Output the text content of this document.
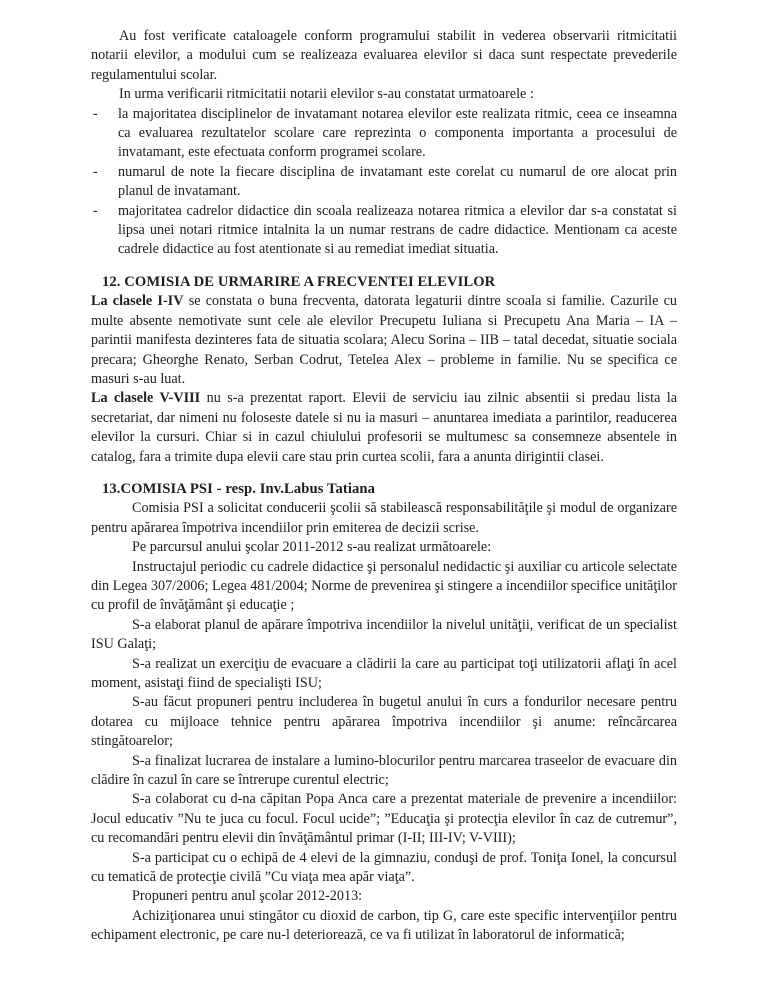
Au fost verificate cataloagele conform programului stabilit in vederea observarii ritmicitatii notarii elevilor, a modului cum se realizeaza evaluarea elevilor si daca sunt respectate prevederile regulamentului scolar.

In urma verificarii ritmicitatii notarii elevilor s-au constatat urmatoarele :

- la majoritatea disciplinelor de invatamant notarea elevilor este realizata ritmic, ceea ce inseamna ca evaluarea rezultatelor scolare care reprezinta o componenta importanta a procesului de invatamant, este efectuata conform programei scolare.

- numarul de note la fiecare disciplina de invatamant este corelat cu numarul de ore alocat prin planul de invatamant.

- majoritatea cadrelor didactice din scoala realizeaza notarea ritmica a elevilor dar s-a constatat si lipsa unei notari ritmice intalnita la un numar restrans de cadre didactice. Mentionam ca aceste cadrele didactice au fost atentionate si au remediat imediat situatia.

12. COMISIA DE URMARIRE A FRECVENTEI ELEVILOR

La clasele I-IV se constata o buna frecventa, datorata legaturii dintre scoala si familie. Cazurile cu multe absente nemotivate sunt cele ale elevilor Precupetu Iuliana si Precupetu Ana Maria – IA – parintii manifesta dezinteres fata de situatia scolara; Alecu Sorina – IIB – tatal decedat, situatie sociala precara; Gheorghe Renato, Serban Codrut, Tetelea Alex – probleme in familie. Nu se specifica ce masuri s-au luat.

La clasele V-VIII nu s-a prezentat raport. Elevii de serviciu iau zilnic absentii si predau lista la secretariat, dar nimeni nu foloseste datele si nu ia masuri – anuntarea imediata a parintilor, readucerea elevilor la cursuri. Chiar si in cazul chiulului profesorii se multumesc sa consemneze absentele in catalog, fara a trimite dupa elevii care stau prin curtea scolii, fara a anunta dirigintii clasei.

13.COMISIA PSI - resp. Inv.Labus Tatiana

Comisia PSI a solicitat conducerii şcolii să stabilească responsabilităţile şi modul de organizare pentru apărarea împotriva incendiilor prin emiterea de decizii scrise.

Pe parcursul anului şcolar 2011-2012 s-au realizat următoarele:

Instructajul periodic cu cadrele didactice şi personalul nedidactic şi auxiliar cu articole selectate din Legea 307/2006; Legea 481/2004; Norme de prevenirea şi stingere a incendiilor specifice unităţilor cu profil de învăţământ şi educaţie ;

S-a elaborat planul de apărare împotriva incendiilor la nivelul unităţii, verificat de un specialist ISU Galaţi;

S-a realizat un exerciţiu de evacuare a clădirii la care au participat toţi utilizatorii aflaţi în acel moment, asistaţi fiind de specialişti ISU;

S-au făcut propuneri pentru includerea în bugetul anului în curs a fondurilor necesare pentru dotarea cu mijloace tehnice pentru apărarea împotriva incendiilor şi anume: reîncărcarea stingătoarelor;

S-a finalizat lucrarea de instalare a lumino-blocurilor pentru marcarea traseelor de evacuare din clădire în cazul în care se întrerupe curentul electric;

S-a colaborat cu d-na căpitan Popa Anca care a prezentat materiale de prevenire a incendiilor: Jocul educativ ”Nu te juca cu focul. Focul ucide”; ”Educaţia şi protecţia elevilor în caz de cutremur”, cu recomandări pentru elevii din învăţământul primar (I-II; III-IV; V-VIII);

S-a participat cu o echipă de 4 elevi de la gimnaziu, conduşi de prof. Toniţa Ionel, la concursul cu tematică de protecţie civilă ”Cu viaţa mea apăr viaţa”.

Propuneri pentru anul şcolar 2012-2013:

Achiziţionarea unui stingător cu dioxid de carbon, tip G, care este specific intervenţiilor pentru echipament electronic, pe care nu-l deteriorează, ce va fi utilizat în laboratorul de informatică;
